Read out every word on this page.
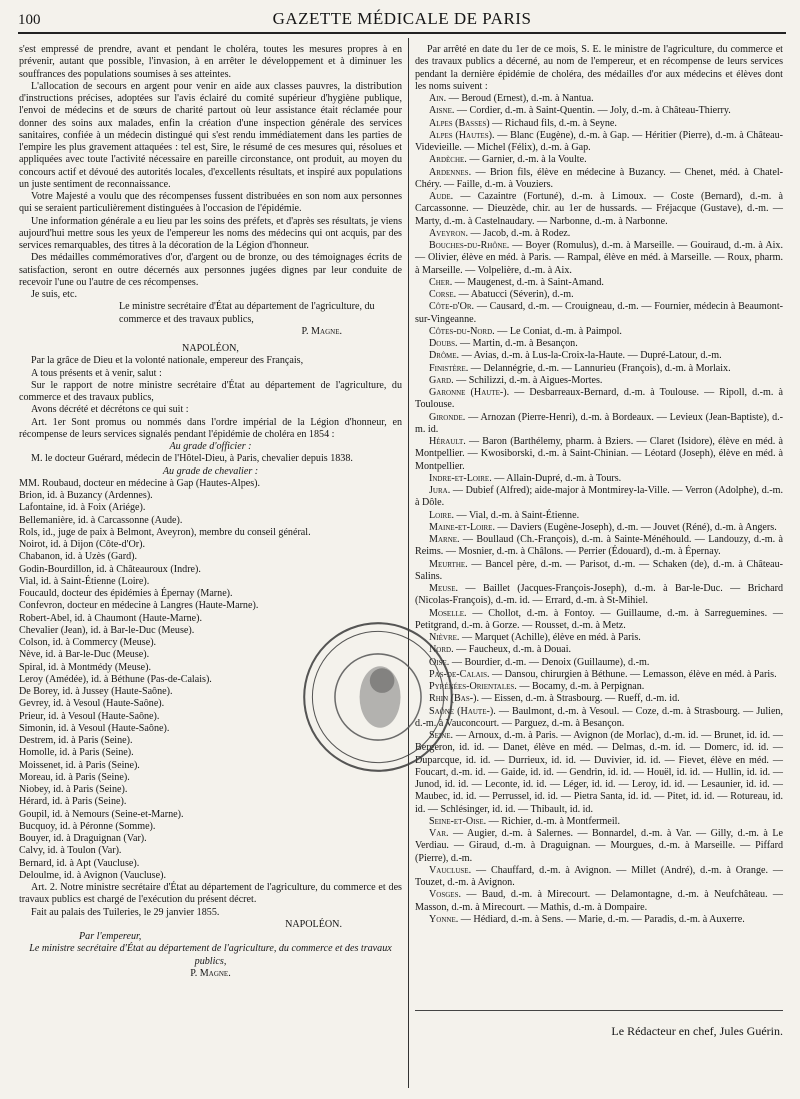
100	GAZETTE MÉDICALE DE PARIS

s'est empressé de prendre, avant et pendant le choléra, toutes les mesures propres à en prévenir, autant que possible, l'invasion, à en arrêter le développement et à diminuer les souffrances des populations soumises à ses atteintes.

L'allocation de secours en argent pour venir en aide aux classes pauvres, la distribution d'instructions précises, adoptées sur l'avis éclairé du comité supérieur d'hygiène publique, l'envoi de médecins et de sœurs de charité partout où leur assistance était réclamée pour donner des soins aux malades, enfin la création d'une inspection générale des services sanitaires, confiée à un médecin distingué qui s'est rendu immédiatement dans les parties de l'empire les plus gravement attaquées : tel est, Sire, le résumé de ces mesures qui, résolues et appliquées avec toute l'activité nécessaire en pareille circonstance, ont produit, au moyen du concours actif et dévoué des autorités locales, d'excellents résultats, et inspiré aux populations un juste sentiment de reconnaissance.

Votre Majesté a voulu que des récompenses fussent distribuées en son nom aux personnes qui se seraient particulièrement distinguées à l'occasion de l'épidémie.

Une information générale a eu lieu par les soins des préfets, et d'après ses résultats, je viens aujourd'hui mettre sous les yeux de l'empereur les noms des médecins qui ont acquis, par des services remarquables, des titres à la décoration de la Légion d'honneur.

Des médailles commémoratives d'or, d'argent ou de bronze, ou des témoignages écrits de satisfaction, seront en outre décernés aux personnes jugées dignes par leur conduite de recevoir l'une ou l'autre de ces récompenses.

Je suis, etc.

Le ministre secrétaire d'État au département de l'agriculture, du commerce et des travaux publics,

P. Magne.

NAPOLÉON,

Par la grâce de Dieu et la volonté nationale, empereur des Français,

A tous présents et à venir, salut :

Sur le rapport de notre ministre secrétaire d'État au département de l'agriculture, du commerce et des travaux publics,

Avons décrété et décrétons ce qui suit :

Art. 1er Sont promus ou nommés dans l'ordre impérial de la Légion d'honneur, en récompense de leurs services signalés pendant l'épidémie de choléra en 1854 :

Au grade d'officier :

M. le docteur Guérard, médecin de l'Hôtel-Dieu, à Paris, chevalier depuis 1838.

Au grade de chevalier :

MM. Roubaud, docteur en médecine à Gap (Hautes-Alpes).

Brion, id. à Buzancy (Ardennes).

Lafontaine, id. à Foix (Ariége).

Bellemanière, id. à Carcassonne (Aude).

Rols, id., juge de paix à Belmont, Aveyron), membre du conseil général.

Noirot, id. à Dijon (Côte-d'Or).

Chabanon, id. à Uzès (Gard).

Godin-Bourdillon, id. à Châteauroux (Indre).

Vial, id. à Saint-Étienne (Loire).

Foucauld, docteur des épidémies à Épernay (Marne).

Confevron, docteur en médecine à Langres (Haute-Marne).

Robert-Abel, id. à Chaumont (Haute-Marne).

Chevalier (Jean), id. à Bar-le-Duc (Meuse).

Colson, id. à Commercy (Meuse).

Nève, id. à Bar-le-Duc (Meuse).

Spiral, id. à Montmédy (Meuse).

Leroy (Amédée), id. à Béthune (Pas-de-Calais).

De Borey, id. à Jussey (Haute-Saône).

Gevrey, id. à Vesoul (Haute-Saône).

Prieur, id. à Vesoul (Haute-Saône).

Simonin, id. à Vesoul (Haute-Saône).

Destrem, id. à Paris (Seine).

Homolle, id. à Paris (Seine).

Moissenet, id. à Paris (Seine).

Moreau, id. à Paris (Seine).

Niobey, id. à Paris (Seine).

Hérard, id. à Paris (Seine).

Goupil, id. à Nemours (Seine-et-Marne).

Bucquoy, id. à Péronne (Somme).

Bouyer, id. à Draguignan (Var).

Calvy, id. à Toulon (Var).

Bernard, id. à Apt (Vaucluse).

Deloulme, id. à Avignon (Vaucluse).

Art. 2. Notre ministre secrétaire d'État au département de l'agriculture, du commerce et des travaux publics est chargé de l'exécution du présent décret.

Fait au palais des Tuileries, le 29 janvier 1855.

NAPOLÉON.

Par l'empereur,

Le ministre secrétaire d'État au département de l'agriculture, du commerce et des travaux publics,

P. Magne.

Par arrêté en date du 1er de ce mois, S. E. le ministre de l'agriculture, du commerce et des travaux publics a décerné, au nom de l'empereur, et en récompense de leurs services pendant la dernière épidémie de choléra, des médailles d'or aux médecins et élèves dont les noms suivent :

Ain. — Beroud (Ernest), d.-m. à Nantua.

Aisne. — Cordier, d.-m. à Saint-Quentin. — Joly, d.-m. à Château-Thierry.

Alpes (Basses) — Richaud fils, d.-m. à Seyne.

Alpes (Hautes). — Blanc (Eugène), d.-m. à Gap. — Héritier (Pierre), d.-m. à Château-Videvieille. — Michel (Félix), d.-m. à Gap.

Ardèche. — Garnier, d.-m. à la Voulte.

Ardennes. — Brion fils, élève en médecine à Buzancy. — Chenet, méd. à Chatel-Chéry. — Faille, d.-m. à Vouziers.

Aude. — Cazaintre (Fortuné), d.-m. à Limoux. — Coste (Bernard), d.-m. à Carcassonne. — Dieuzède, chir. au 1er de hussards. — Fréjacque (Gustave), d.-m. — Marty, d.-m. à Castelnaudary. — Narbonne, d.-m. à Narbonne.

Aveyron. — Jacob, d.-m. à Rodez.

Bouches-du-Rhône. — Boyer (Romulus), d.-m. à Marseille. — Gouiraud, d.-m. à Aix. — Olivier, élève en méd. à Paris. — Rampal, élève en méd. à Marseille. — Roux, pharm. à Marseille. — Volpelière, d.-m. à Aix.

Cher. — Maugenest, d.-m. à Saint-Amand.

Corse. — Abatucci (Séverin), d.-m.

Côte-d'Or. — Causard, d.-m. — Crouigneau, d.-m. — Fournier, médecin à Beaumont-sur-Vingeanne.

Côtes-du-Nord. — Le Coniat, d.-m. à Paimpol.

Doubs. — Martin, d.-m. à Besançon.

Drôme. — Avias, d.-m. à Lus-la-Croix-la-Haute. — Dupré-Latour, d.-m.

Finistère. — Delannégrie, d.-m. — Lannurieu (François), d.-m. à Morlaix.

Gard. — Schilizzi, d.-m. à Aigues-Mortes.

Garonne (Haute-). — Desbarreaux-Bernard, d.-m. à Toulouse. — Ripoll, d.-m. à Toulouse.

Gironde. — Arnozan (Pierre-Henri), d.-m. à Bordeaux. — Levieux (Jean-Baptiste), d.-m. id.

Hérault. — Baron (Barthélemy, pharm. à Bziers. — Claret (Isidore), élève en méd. à Montpellier. — Kwosiborski, d.-m. à Saint-Chinian. — Léotard (Joseph), élève en méd. à Montpellier.

Indre-et-Loire. — Allain-Dupré, d.-m. à Tours.

Jura. — Dubief (Alfred); aide-major à Montmirey-la-Ville. — Verron (Adolphe), d.-m. à Dôle.

Loire. — Vial, d.-m. à Saint-Étienne.

Maine-et-Loire. — Daviers (Eugène-Joseph), d.-m. — Jouvet (Réné), d.-m. à Angers.

Marne. — Boullaud (Ch.-François), d.-m. à Sainte-Ménéhould. — Landouzy, d.-m. à Reims. — Mosnier, d.-m. à Châlons. — Perrier (Édouard), d.-m. à Épernay.

Meurthe. — Bancel père, d.-m. — Parisot, d.-m. — Schaken (de), d.-m. à Château-Salins.

Meuse. — Baillet (Jacques-François-Joseph), d.-m. à Bar-le-Duc. — Brichard (Nicolas-François), d.-m. id. — Errard, d.-m. à St-Mihiel.

Moselle. — Chollot, d.-m. à Fontoy. — Guillaume, d.-m. à Sarreguemines. — Petitgrand, d.-m. à Gorze. — Rousset, d.-m. à Metz.

Nièvre. — Marquet (Achille), élève en méd. à Paris.

Nord. — Faucheux, d.-m. à Douai.

Oise. — Bourdier, d.-m. — Denoix (Guillaume), d.-m.

Pas-de-Calais. — Dansou, chirurgien à Béthune. — Lemasson, élève en méd. à Paris.

Pyrénées-Orientales. — Bocamy, d.-m. à Perpignan.

Rhin (Bas-). — Eissen, d.-m. à Strasbourg. — Rueff, d.-m. id.

Saône (Haute-). — Baulmont, d.-m. à Vesoul. — Coze, d.-m. à Strasbourg. — Julien, d.-m. à Vauconcourt. — Parguez, d.-m. à Besançon.

Seine. — Arnoux, d.-m. à Paris. — Avignon (de Morlac), d.-m. id. — Brunet, id. id. — Bergeron, id. id. — Danet, élève en méd. — Delmas, d.-m. id. — Domerc, id. id. — Duparcque, id. id. — Durrieux, id. id. — Duvivier, id. id. — Fievet, élève en méd. — Foucart, d.-m. id. — Gaide, id. id. — Gendrin, id. id. — Houël, id. id. — Hullin, id. id. — Junod, id. id. — Leconte, id. id. — Léger, id. id. — Leroy, id. id. — Lesaunier, id. id. — Maubec, id. id. — Perrussel, id. id. — Pietra Santa, id. id. — Pitet, id. id. — Rotureau, id. id. — Schlésinger, id. id. — Thibault, id. id.

Seine-et-Oise. — Richier, d.-m. à Montfermeil.

Var. — Augier, d.-m. à Salernes. — Bonnardel, d.-m. à Var. — Gilly, d.-m. à Le Verdiau. — Giraud, d.-m. à Draguignan. — Mourgues, d.-m. à Marseille. — Piffard (Pierre), d.-m.

Vaucluse. — Chauffard, d.-m. à Avignon. — Millet (André), d.-m. à Orange. — Touzet, d.-m. à Avignon.

Vosges. — Baud, d.-m. à Mirecourt. — Delamontagne, d.-m. à Neufchâteau. — Masson, d.-m. à Mirecourt. — Mathis, d.-m. à Dompaire.

Yonne. — Hédiard, d.-m. à Sens. — Marie, d.-m. — Paradis, d.-m. à Auxerre.

Le Rédacteur en chef, Jules Guérin.
